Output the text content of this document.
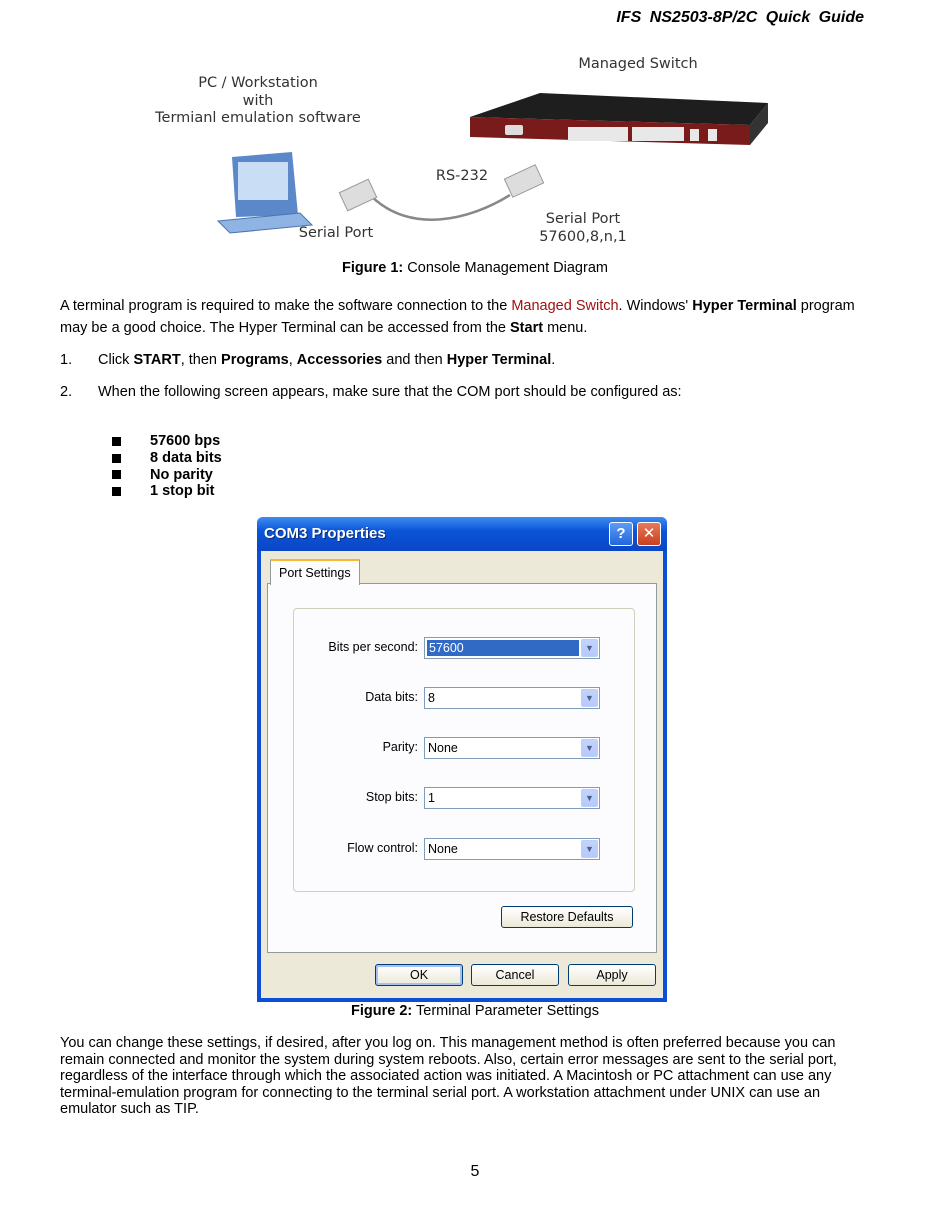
IFS NS2503-8P/2C Quick Guide
PC / Workstation
with
Termianl emulation software
Managed Switch
RS-232
Serial Port
Serial Port
57600,8,n,1
Figure 1: Console Management Diagram
A terminal program is required to make the software connection to the Managed Switch. Windows' Hyper Terminal program may be a good choice. The Hyper Terminal can be accessed from the Start menu.
1. Click START, then Programs, Accessories and then Hyper Terminal.
2. When the following screen appears, make sure that the COM port should be configured as:
57600 bps
8 data bits
No parity
1 stop bit
COM3 Properties	?	✕
Port Settings
Bits per second: 57600	▼
Data bits: 8	▼
Parity: None	▼
Stop bits: 1	▼
Flow control: None	▼
Restore Defaults
OK	Cancel	Apply
Figure 2: Terminal Parameter Settings
You can change these settings, if desired, after you log on. This management method is often preferred because you can remain connected and monitor the system during system reboots. Also, certain error messages are sent to the serial port, regardless of the interface through which the associated action was initiated. A Macintosh or PC attachment can use any terminal-emulation program for connecting to the terminal serial port. A workstation attachment under UNIX can use an emulator such as TIP.
5
